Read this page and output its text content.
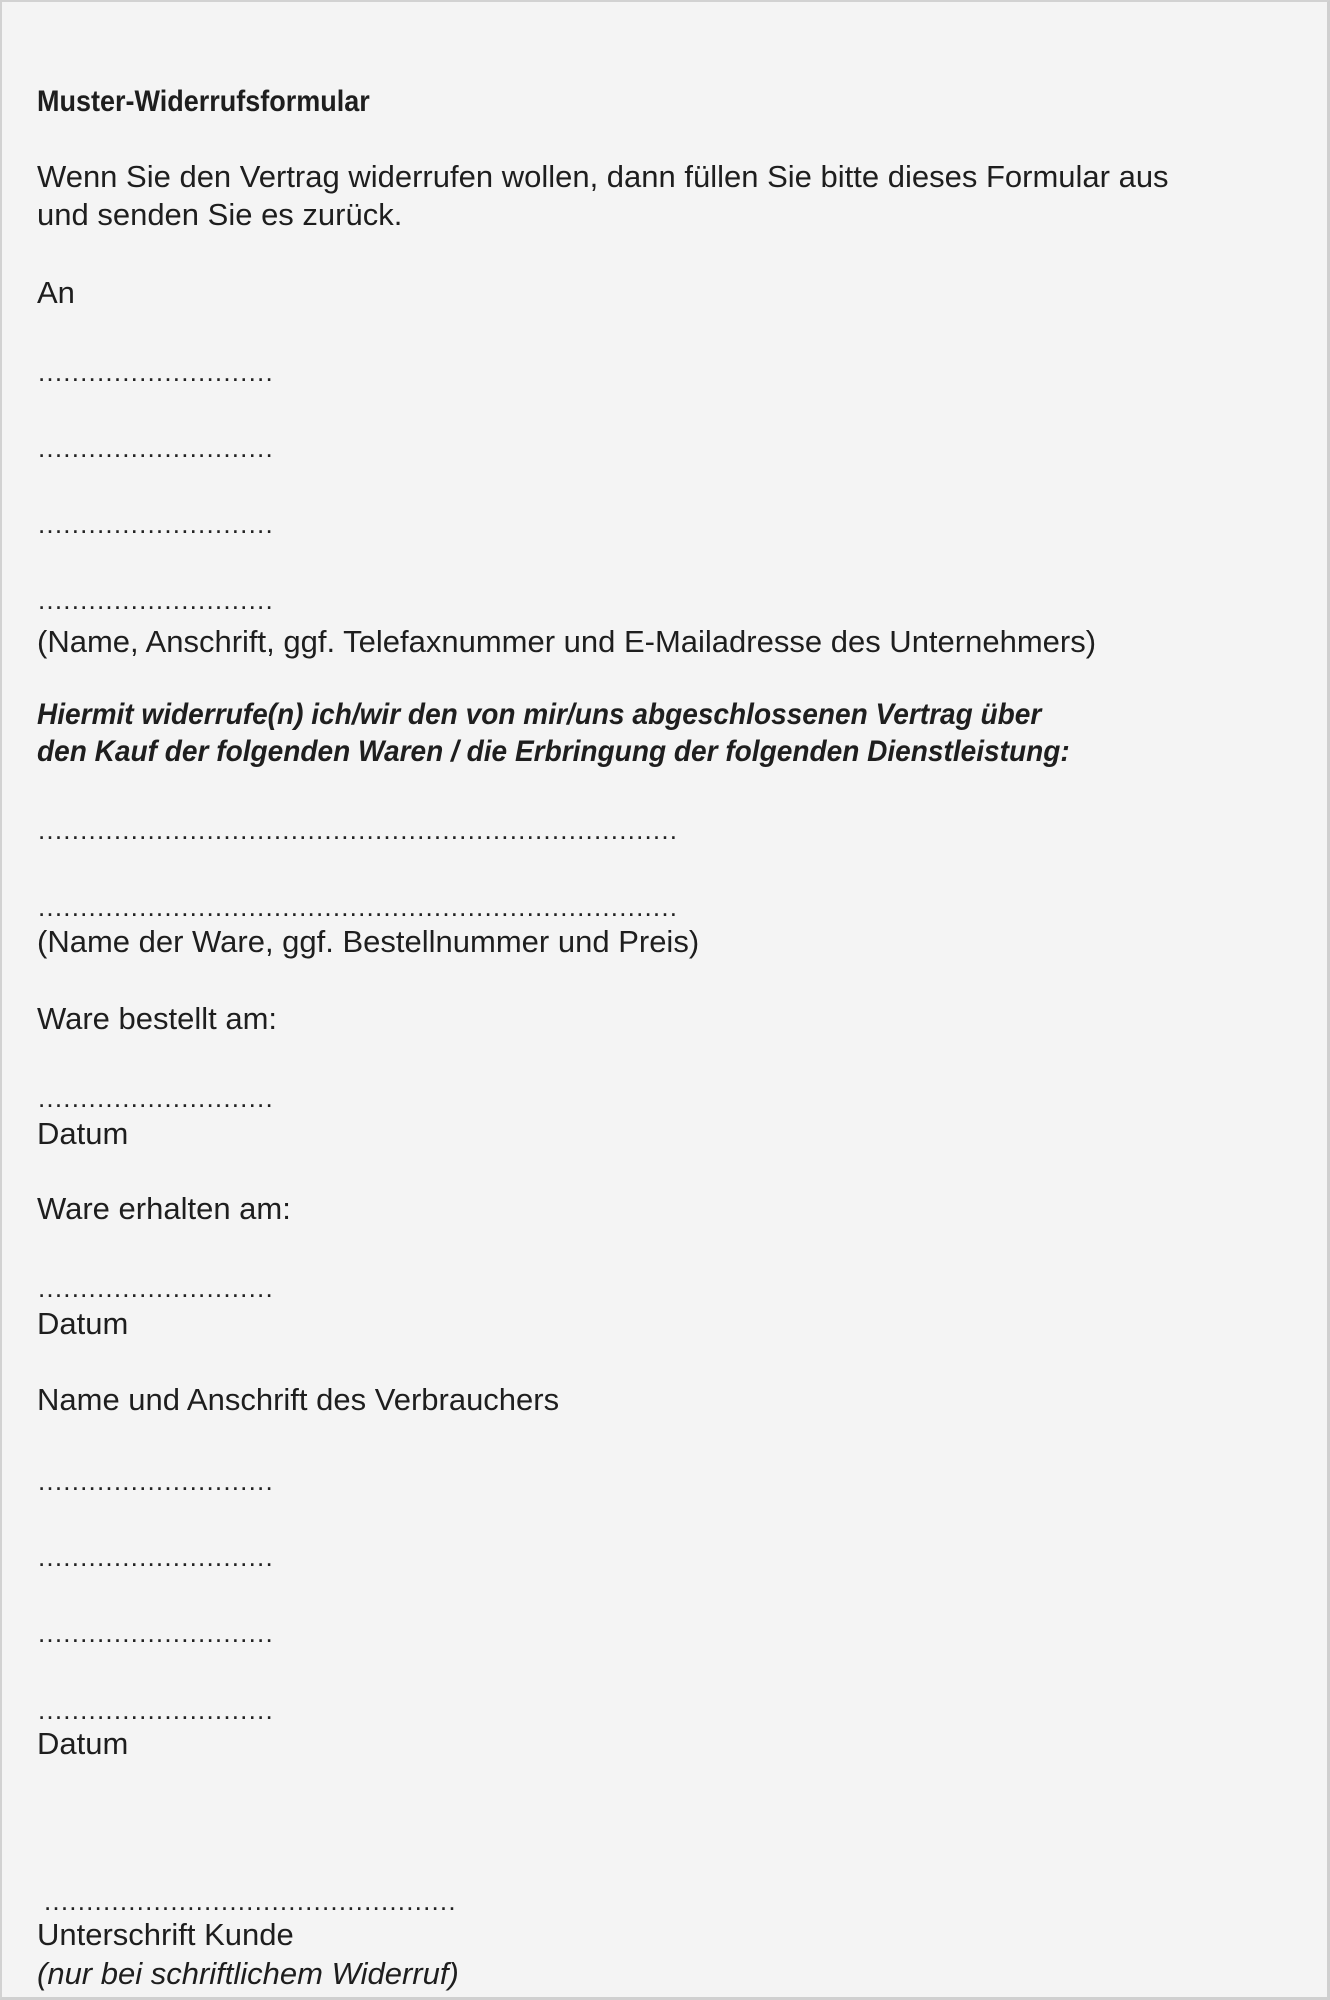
Muster-Widerrufsformular
Wenn Sie den Vertrag widerrufen wollen, dann füllen Sie bitte dieses Formular aus
und senden Sie es zurück.
An
............................
............................
............................
............................
(Name, Anschrift, ggf. Telefaxnummer und E-Mailadresse des Unternehmers)
Hiermit widerrufe(n) ich/wir den von mir/uns abgeschlossenen Vertrag über
den Kauf der folgenden Waren / die Erbringung der folgenden Dienstleistung:
............................................................................
............................................................................
(Name der Ware, ggf. Bestellnummer und Preis)
Ware bestellt am:
............................
Datum
Ware erhalten am:
............................
Datum
Name und Anschrift des Verbrauchers
............................
............................
............................
............................
Datum
.................................................
Unterschrift Kunde
(nur bei schriftlichem Widerruf)
